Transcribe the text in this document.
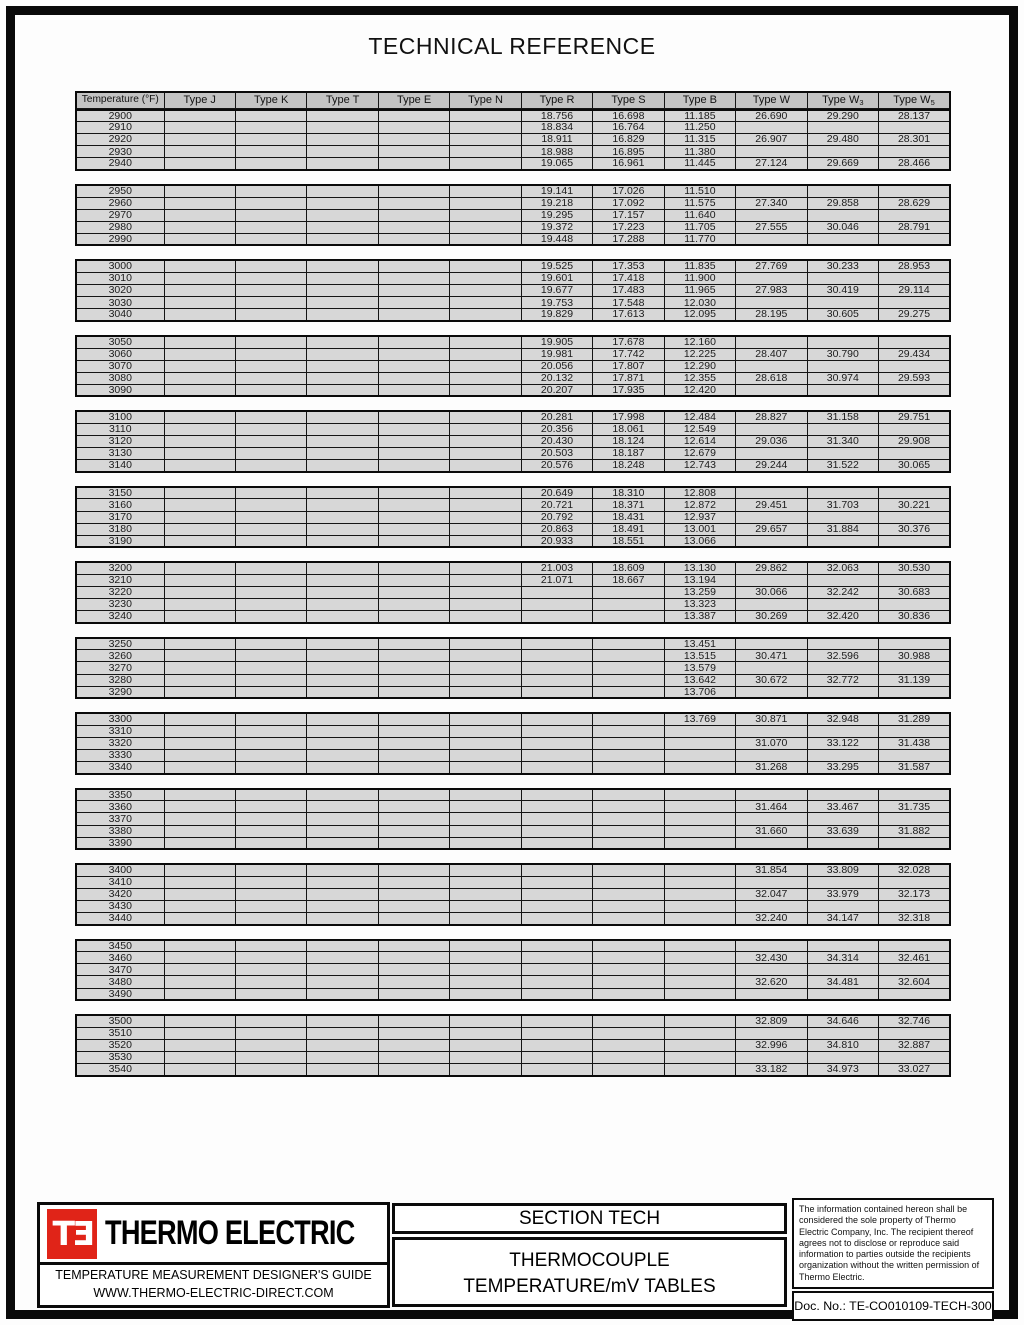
TECHNICAL REFERENCE
Temperature (°F)	Type J	Type K	Type T	Type E	Type N	Type R	Type S	Type B	Type W	Type $W_3$	Type $W_5$
2900						18.756	16.698	11.185	26.690	29.290	28.137
2910						18.834	16.764	11.250			
2920						18.911	16.829	11.315	26.907	29.480	28.301
2930						18.988	16.895	11.380			
2940						19.065	16.961	11.445	27.124	29.669	28.466
2950						19.141	17.026	11.510			
2960						19.218	17.092	11.575	27.340	29.858	28.629
2970						19.295	17.157	11.640			
2980						19.372	17.223	11.705	27.555	30.046	28.791
2990						19.448	17.288	11.770			
3000						19.525	17.353	11.835	27.769	30.233	28.953
3010						19.601	17.418	11.900			
3020						19.677	17.483	11.965	27.983	30.419	29.114
3030						19.753	17.548	12.030			
3040						19.829	17.613	12.095	28.195	30.605	29.275
3050						19.905	17.678	12.160			
3060						19.981	17.742	12.225	28.407	30.790	29.434
3070						20.056	17.807	12.290			
3080						20.132	17.871	12.355	28.618	30.974	29.593
3090						20.207	17.935	12.420			
3100						20.281	17.998	12.484	28.827	31.158	29.751
3110						20.356	18.061	12.549			
3120						20.430	18.124	12.614	29.036	31.340	29.908
3130						20.503	18.187	12.679			
3140						20.576	18.248	12.743	29.244	31.522	30.065
3150						20.649	18.310	12.808			
3160						20.721	18.371	12.872	29.451	31.703	30.221
3170						20.792	18.431	12.937			
3180						20.863	18.491	13.001	29.657	31.884	30.376
3190						20.933	18.551	13.066			
3200						21.003	18.609	13.130	29.862	32.063	30.530
3210						21.071	18.667	13.194			
3220								13.259	30.066	32.242	30.683
3230								13.323			
3240								13.387	30.269	32.420	30.836
3250								13.451			
3260								13.515	30.471	32.596	30.988
3270								13.579			
3280								13.642	30.672	32.772	31.139
3290								13.706			
3300								13.769	30.871	32.948	31.289
3310											
3320									31.070	33.122	31.438
3330											
3340									31.268	33.295	31.587
3350											
3360									31.464	33.467	31.735
3370											
3380									31.660	33.639	31.882
3390											
3400									31.854	33.809	32.028
3410											
3420									32.047	33.979	32.173
3430											
3440									32.240	34.147	32.318
3450											
3460									32.430	34.314	32.461
3470											
3480									32.620	34.481	32.604
3490											
3500									32.809	34.646	32.746
3510											
3520									32.996	34.810	32.887
3530											
3540									33.182	34.973	33.027
TƎ THERMO ELECTRIC
TEMPERATURE MEASUREMENT DESIGNER'S GUIDE
WWW.THERMO-ELECTRIC-DIRECT.COM
SECTION TECH
THERMOCOUPLE
TEMPERATURE/mV TABLES
The information contained hereon shall be considered the sole property of Thermo Electric Company, Inc. The recipient thereof agrees not to disclose or reproduce said information to parties outside the recipients organization without the written permission of Thermo Electric.
Doc. No.: TE-CO010109-TECH-300
